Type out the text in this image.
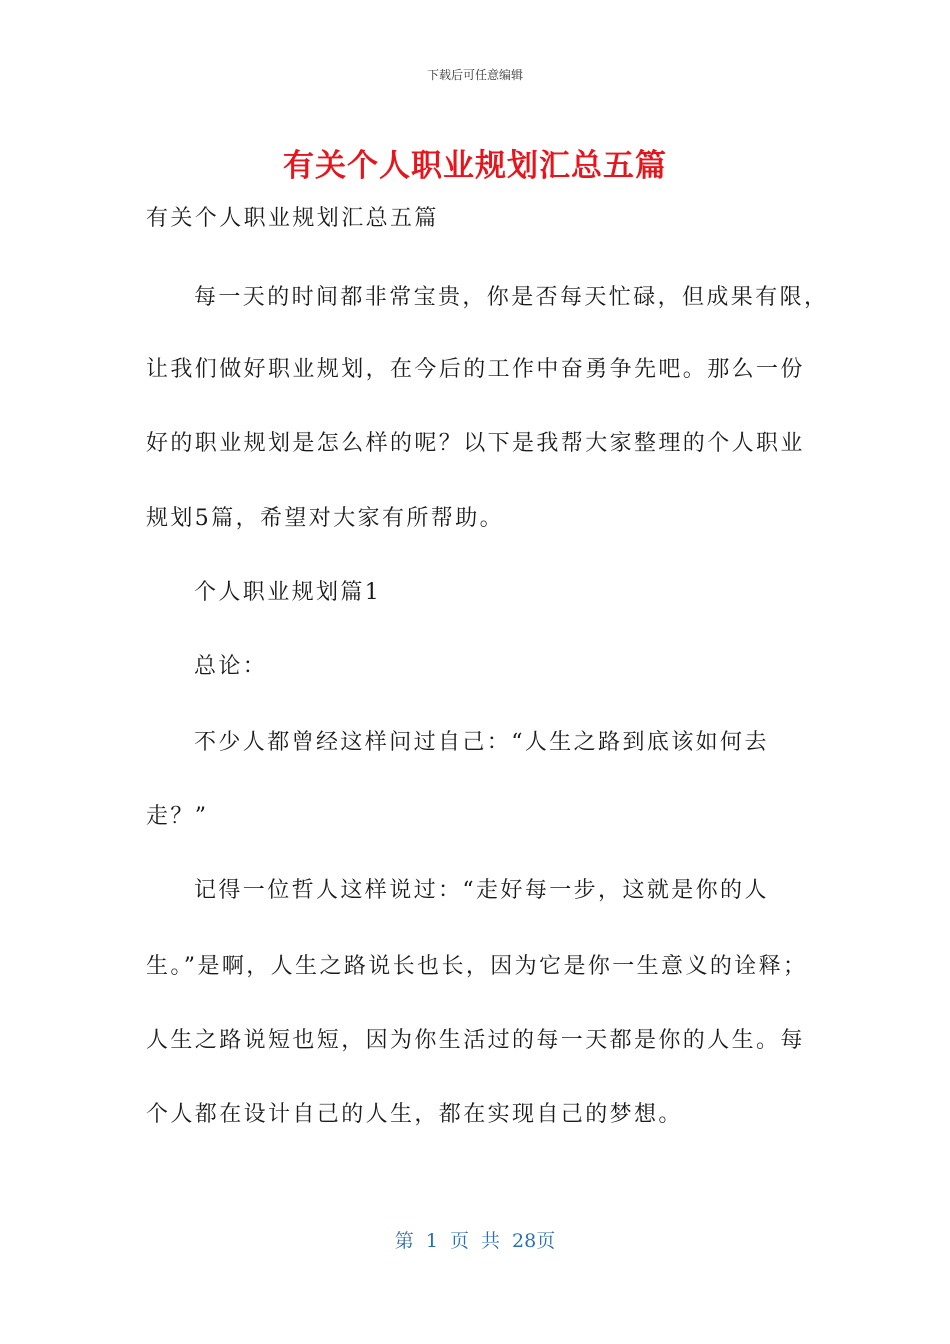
下载后可任意编辑
有关个人职业规划汇总五篇
有关个人职业规划汇总五篇
每一天的时间都非常宝贵，你是否每天忙碌，但成果有限，
让我们做好职业规划，在今后的工作中奋勇争先吧。那么一份
好的职业规划是怎么样的呢？以下是我帮大家整理的个人职业
规划5篇，希望对大家有所帮助。
个人职业规划篇1
总论：
不少人都曾经这样问过自己：“人生之路到底该如何去
走？”
记得一位哲人这样说过：“走好每一步，这就是你的人
生。”是啊，人生之路说长也长，因为它是你一生意义的诠释；
人生之路说短也短，因为你生活过的每一天都是你的人生。每
个人都在设计自己的人生，都在实现自己的梦想。
第 1 页 共 28页
